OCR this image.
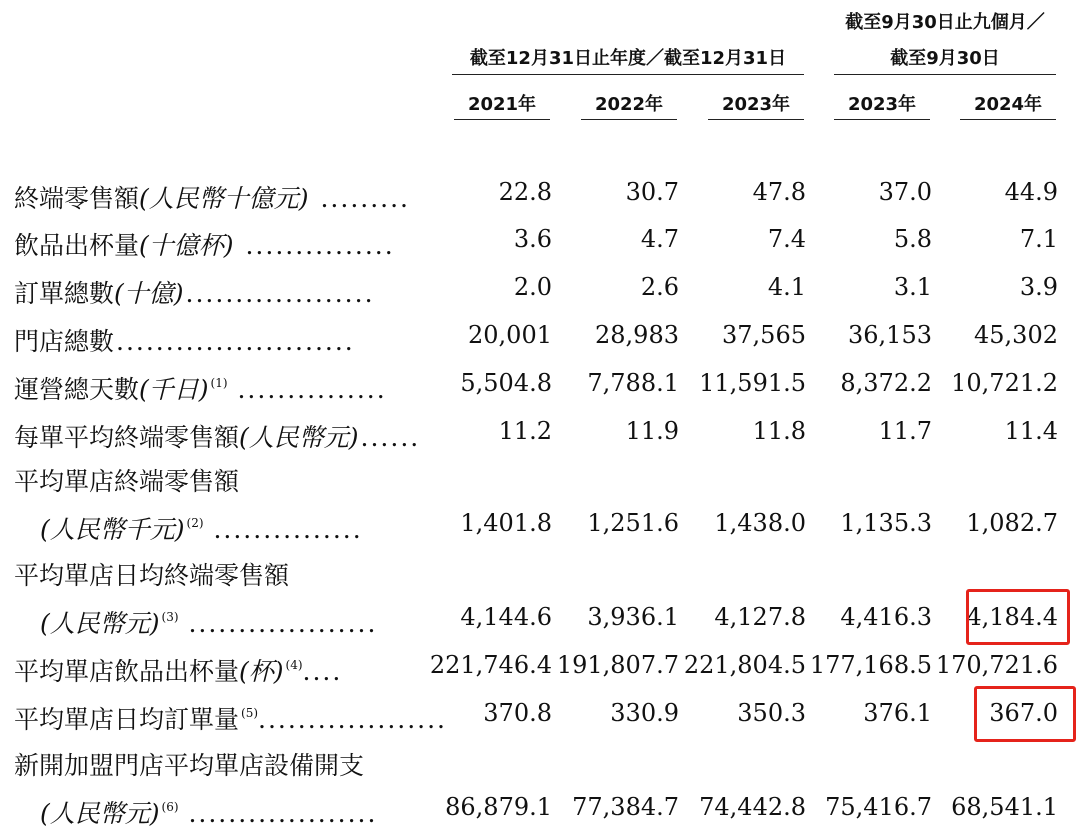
截至9月30日止九個月／
截至9月30日
截至12月31日止年度／截至12月31日
2021年	2022年	2023年	2023年	2024年
終端零售額(人民幣十億元) .........	22.8	30.7	47.8	37.0	44.9
飲品出杯量(十億杯) ...............	3.6	4.7	7.4	5.8	7.1
訂單總數(十億)...................	2.0	2.6	4.1	3.1	3.9
門店總數........................	20,001	28,983	37,565	36,153	45,302
運營總天數(千日) $^{(1)}$ ...............	5,504.8	7,788.1 11,591.5	8,372.2 10,721.2
每單平均終端零售額(人民幣元)......	11.2	11.9	11.8	11.7	11.4
平均單店終端零售額
(人民幣千元) $^{(2)}$ ...............	1,401.8	1,251.6	1,438.0	1,135.3	1,082.7
平均單店日均終端零售額
(人民幣元) $^{(3)}$ ...................	4,144.6	3,936.1	4,127.8	4,416.3	4,184.4
平均單店飲品出杯量(杯) $^{(4)}$....	221,746.4 191,807.7 221,804.5 177,168.5 170,721.6
平均單店日均訂單量 $^{(5)}$...................	370.8	330.9	350.3	376.1	367.0
新開加盟門店平均單店設備開支
(人民幣元) $^{(6)}$ ...................	86,879.1 77,384.7 74,442.8 75,416.7 68,541.1
